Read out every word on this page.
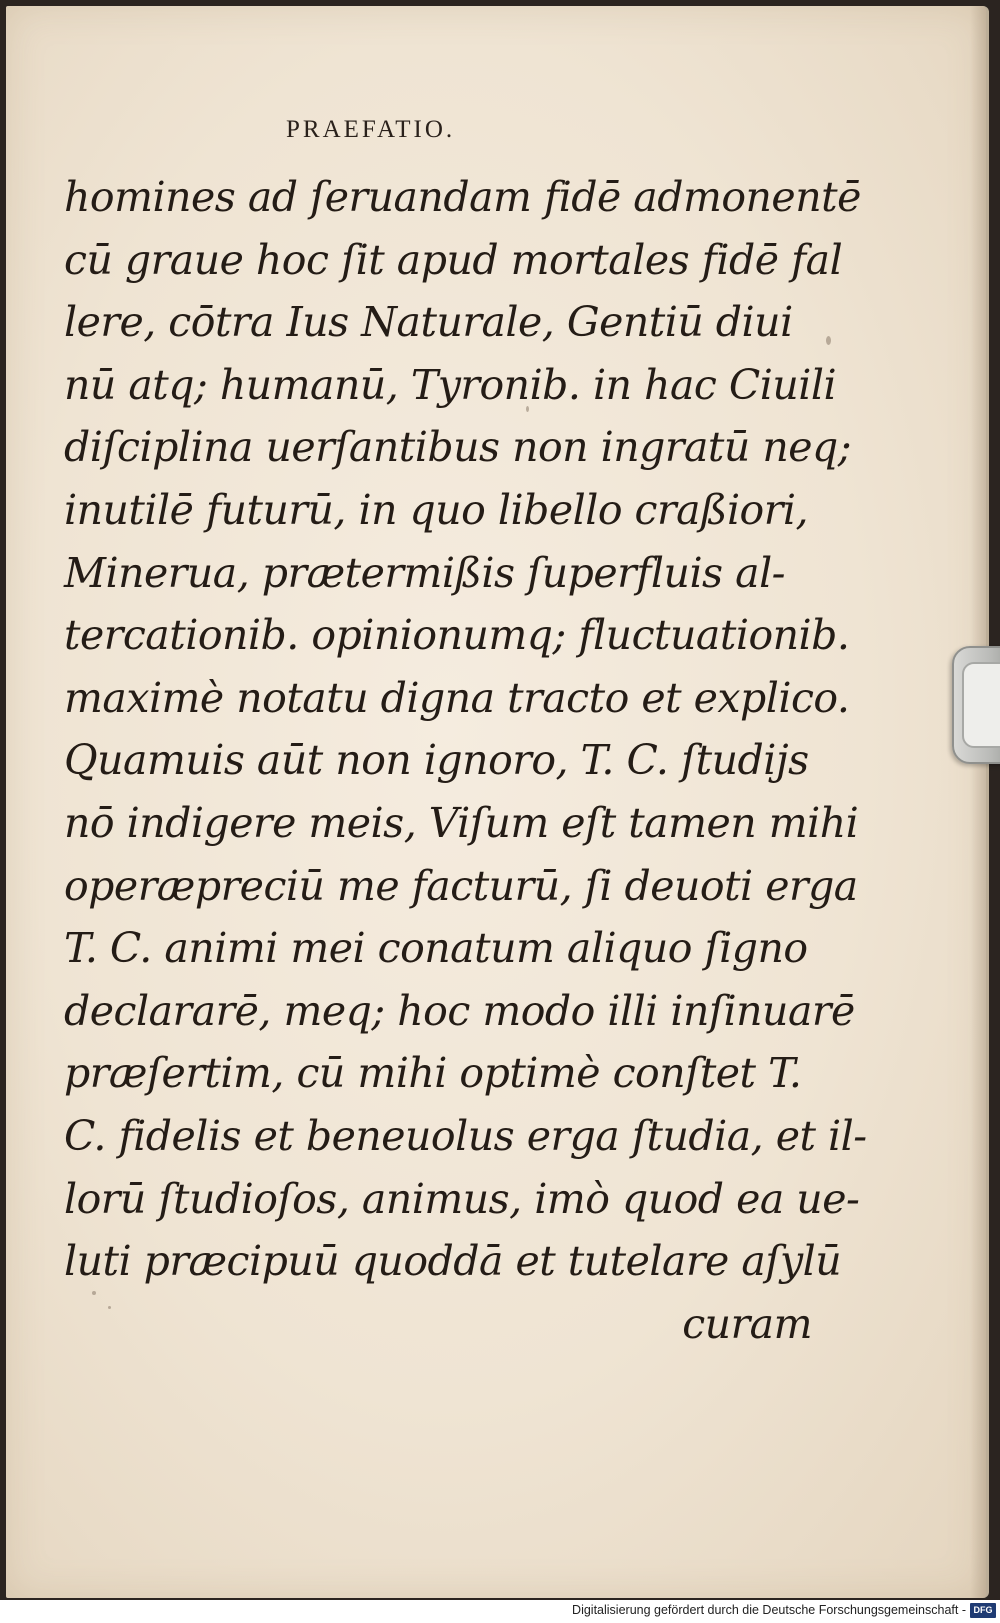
PRAEFATIO.
homines ad ſeruandam fidē admonentē
cū graue hoc ſit apud mortales fidē fal
lere, cōtra Ius Naturale, Gentiū diui
nū atq; humanū, Tyronib. in hac Ciuili
diſciplina uerſantibus non ingratū neq;
inutilē futurū, in quo libello craßiori,
Minerua, prætermißis ſuperfluis al-
tercationib. opinionumq; fluctuationib.
maximè notatu digna tracto et explico.
Quamuis aūt non ignoro, T. C. ſtudijs
nō indigere meis, Viſum eſt tamen mihi
operæpreciū me facturū, ſi deuoti erga
T. C. animi mei conatum aliquo ſigno
declararē, meq; hoc modo illi inſinuarē
præſertim, cū mihi optimè conſtet T.
C. fidelis et beneuolus erga ſtudia, et il-
lorū ſtudioſos, animus, imò quod ea ue-
luti præcipuū quoddā et tutelare aſylū
curam
Digitalisierung gefördert durch die Deutsche Forschungsgemeinschaft - DFG
